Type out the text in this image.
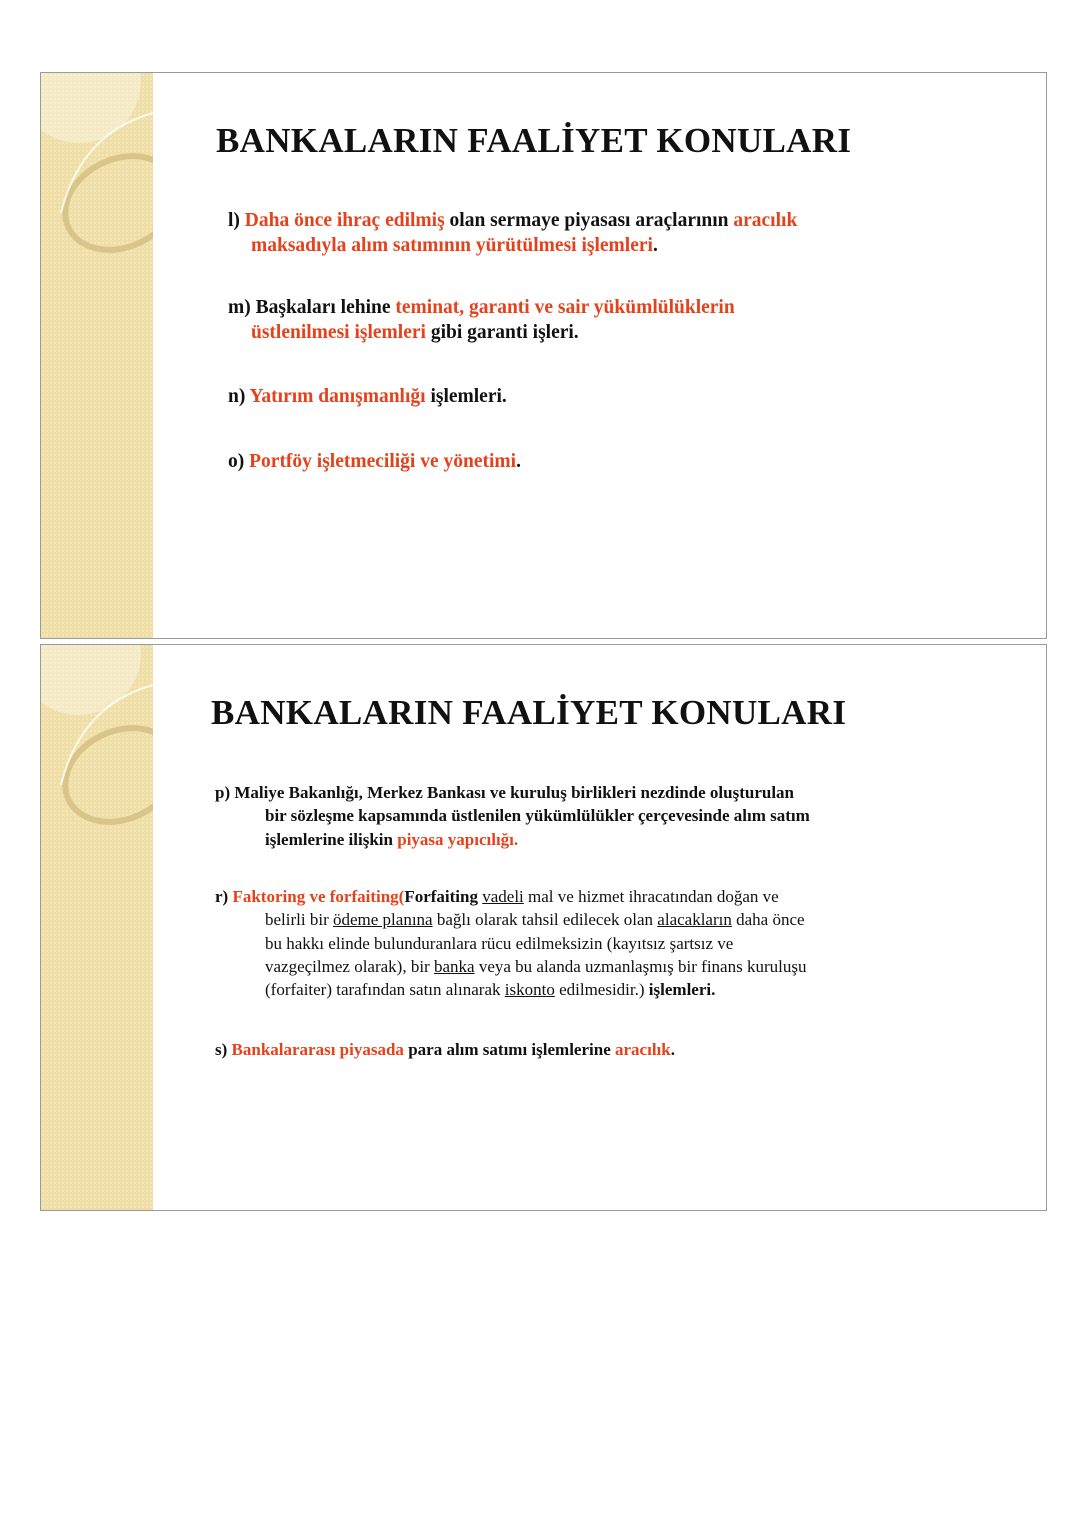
BANKALARIN FAALİYET KONULARI

l) Daha önce ihraç edilmiş olan sermaye piyasası araçlarının aracılık
maksadıyla alım satımının yürütülmesi işlemleri.

m) Başkaları lehine teminat, garanti ve sair yükümlülüklerin
üstlenilmesi işlemleri gibi garanti işleri.

n) Yatırım danışmanlığı işlemleri.

o) Portföy işletmeciliği ve yönetimi.

BANKALARIN FAALİYET KONULARI

p) Maliye Bakanlığı, Merkez Bankası ve kuruluş birlikleri nezdinde oluşturulan
bir sözleşme kapsamında üstlenilen yükümlülükler çerçevesinde alım satım
işlemlerine ilişkin piyasa yapıcılığı.

r) Faktoring ve forfaiting(Forfaiting vadeli mal ve hizmet ihracatından doğan ve
belirli bir ödeme planına bağlı olarak tahsil edilecek olan alacakların daha önce
bu hakkı elinde bulunduranlara rücu edilmeksizin (kayıtsız şartsız ve
vazgeçilmez olarak), bir banka veya bu alanda uzmanlaşmış bir finans kuruluşu
(forfaiter) tarafından satın alınarak iskonto edilmesidir.) işlemleri.

s) Bankalararası piyasada para alım satımı işlemlerine aracılık.
